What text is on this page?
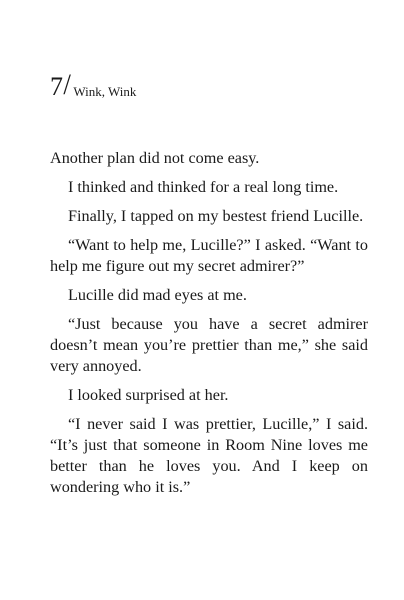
7 / Wink, Wink

Another plan did not come easy.

I thinked and thinked for a real long time.

Finally, I tapped on my bestest friend Lucille.

“Want to help me, Lucille?” I asked. “Want to help me figure out my secret admirer?”

Lucille did mad eyes at me.

“Just because you have a secret admirer doesn’t mean you’re prettier than me,” she said very annoyed.

I looked surprised at her.

“I never said I was prettier, Lucille,” I said. “It’s just that someone in Room Nine loves me better than he loves you. And I keep on wondering who it is.”
